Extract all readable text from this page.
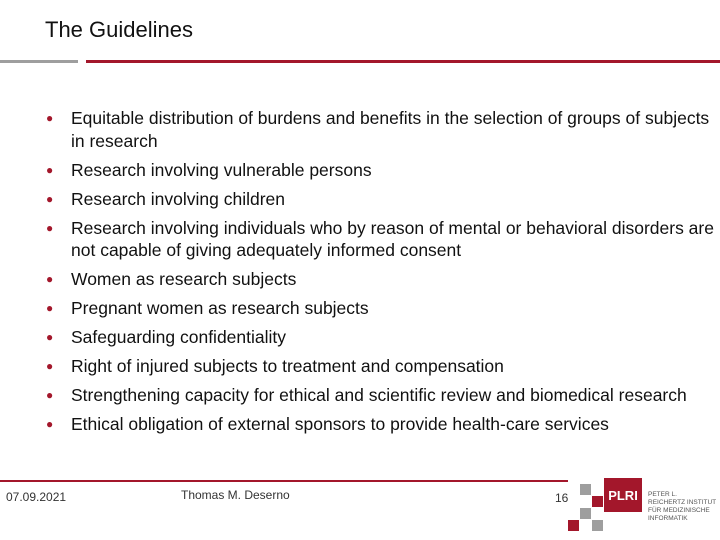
The Guidelines
● Equitable distribution of burdens and benefits in the selection of groups of subjects in research
● Research involving vulnerable persons
● Research involving children
● Research involving individuals who by reason of mental or behavioral disorders are not capable of giving adequately informed consent
● Women as research subjects
● Pregnant women as research subjects
● Safeguarding confidentiality
● Right of injured subjects to treatment and compensation
● Strengthening capacity for ethical and scientific review and biomedical research
● Ethical obligation of external sponsors to provide health-care services
07.09.2021	Thomas M. Deserno	16	PLRI	PETER L.
REICHERTZ INSTITUT
FÜR MEDIZINISCHE
INFORMATIK
